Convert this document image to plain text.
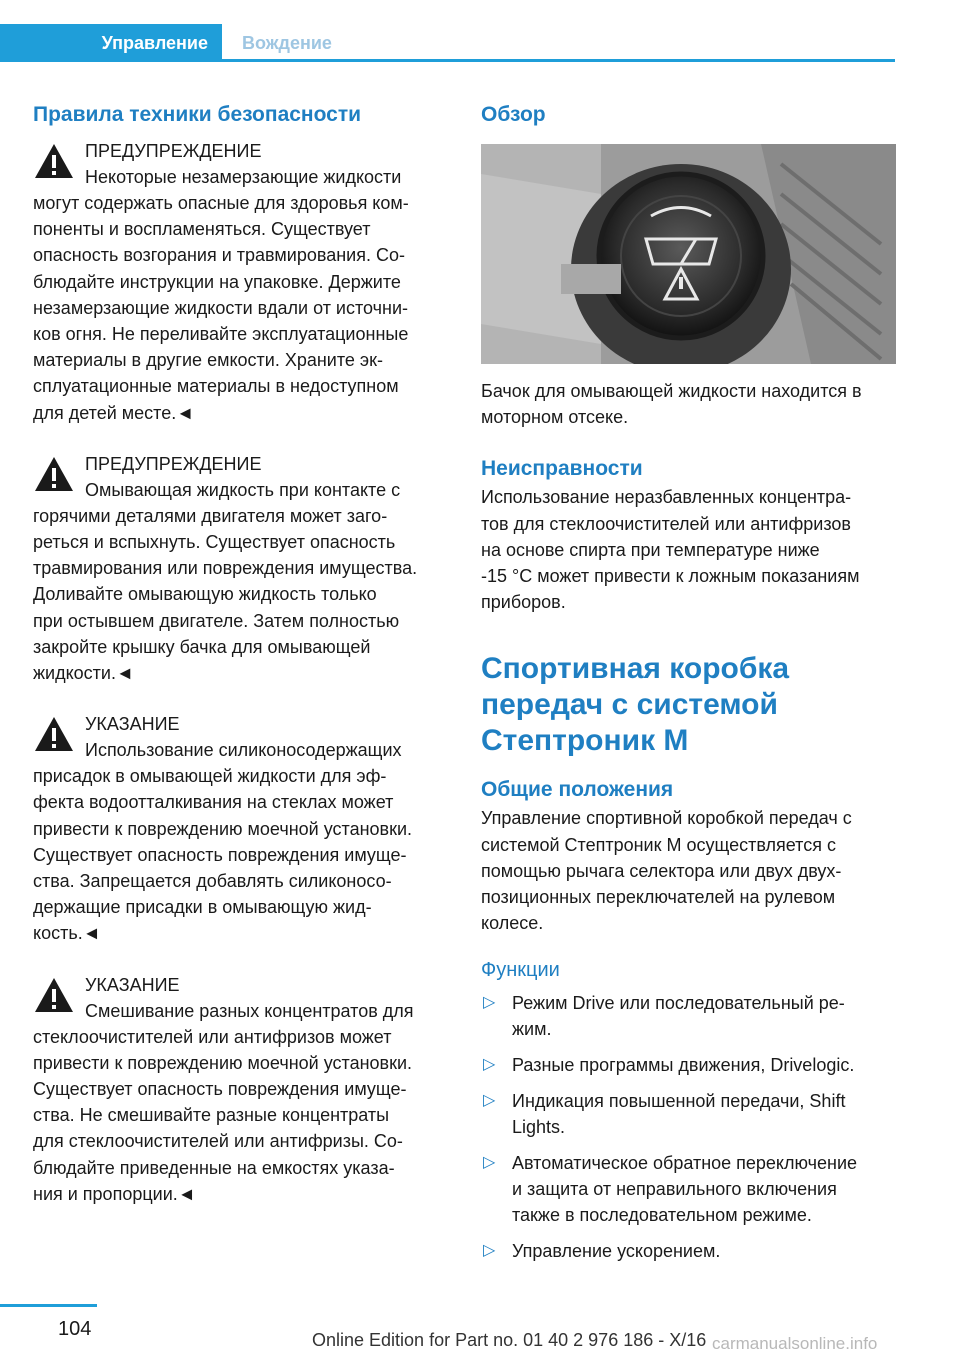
Управление	Вождение
Правила техники безопасности
ПРЕДУПРЕЖДЕНИЕ
Некоторые незамерзающие жидкости

могут содержать опасные для здоровья ком‐

поненты и воспламеняться. Существует

опасность возгорания и травмирования. Со‐

блюдайте инструкции на упаковке. Держите

незамерзающие жидкости вдали от источни‐

ков огня. Не переливайте эксплуатационные

материалы в другие емкости. Храните эк‐

сплуатационные материалы в недоступном

для детей месте.◄

ПРЕДУПРЕЖДЕНИЕ
Омывающая жидкость при контакте с

горячими деталями двигателя может заго‐

реться и вспыхнуть. Существует опасность

травмирования или повреждения имущества.

Доливайте омывающую жидкость только

при остывшем двигателе. Затем полностью

закройте крышку бачка для омывающей

жидкости.◄

УКАЗАНИЕ
Использование силиконосодержащих

присадок в омывающей жидкости для эф‐

фекта водоотталкивания на стеклах может

привести к повреждению моечной установки.

Существует опасность повреждения имуще‐

ства. Запрещается добавлять силиконосо‐

держащие присадки в омывающую жид‐

кость.◄

УКАЗАНИЕ
Смешивание разных концентратов для

стеклоочистителей или антифризов может

привести к повреждению моечной установки.

Существует опасность повреждения имуще‐

ства. Не смешивайте разные концентраты

для стеклоочистителей или антифризы. Со‐

блюдайте приведенные на емкостях указа‐

ния и пропорции.◄

Обзор

Бачок для омывающей жидкости находится в

моторном отсеке.

Неисправности

Использование неразбавленных концентра‐

тов для стеклоочистителей или антифризов

на основе спирта при температуре ниже

-15 °C может привести к ложным показаниям

приборов.

Спортивная коробка
передач с системой
Стептроник M
Общие положения

Управление спортивной коробкой передач с

системой Стептроник M осуществляется с

помощью рычага селектора или двух двух‐

позиционных переключателей на рулевом

колесе.

Функции
▷ Режим Drive или последовательный ре‐
жим.
▷ Разные программы движения, Drivelogic.
▷ Индикация повышенной передачи, Shift
Lights.
▷ Автоматическое обратное переключение
и защита от неправильного включения
также в последовательном режиме.
▷ Управление ускорением.
104	Online Edition for Part no. 01 40 2 976 186 - X/16 carmanualsonline.info
